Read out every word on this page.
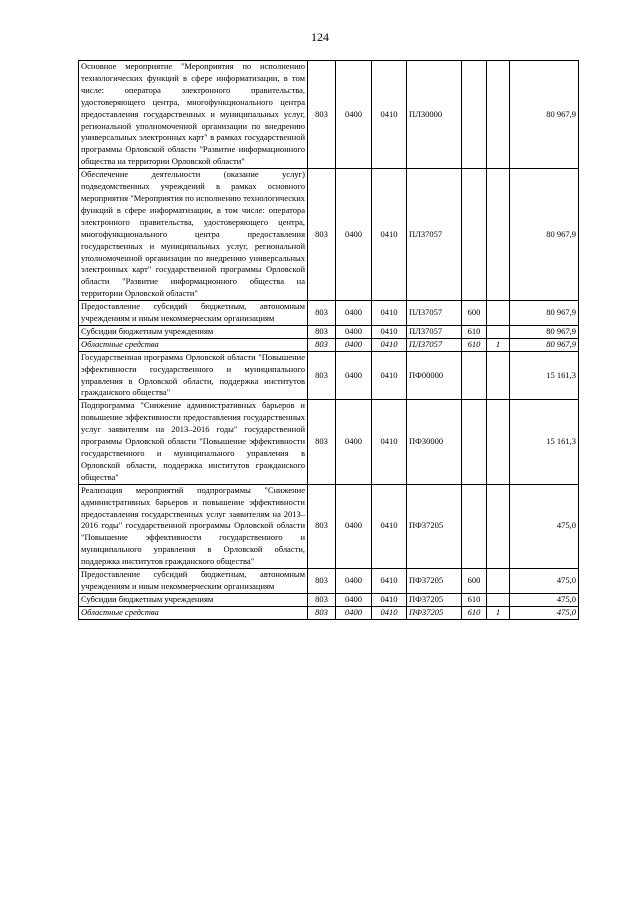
124
Основное мероприятие "Мероприятия по исполнению технологических функций в сфере информатизации, в том числе: оператора электронного правительства, удостоверяющего центра, многофункционального центра предоставления государственных и муниципальных услуг, региональной уполномоченной организации по внедрению универсальных электронных карт" в рамках государственной программы Орловской области "Развитие информационного общества на территории Орловской области"	803	0400	0410	ПЛ30000			80 967,9
Обеспечение деятельности (оказание услуг) подведомственных учреждений в рамках основного мероприятия "Мероприятия по исполнению технологических функций в сфере информатизации, в том числе: оператора электронного правительства, удостоверяющего центра, многофункционального центра предоставления государственных и муниципальных услуг, региональной уполномоченной организации по внедрению универсальных электронных карт" государственной программы Орловской области "Развитие информационного общества на территории Орловской области"	803	0400	0410	ПЛ37057			80 967,9
Предоставление субсидий бюджетным, автономным учреждениям и иным некоммерческим организациям	803	0400	0410	ПЛ37057	600		80 967,9
Субсидии бюджетным учреждениям	803	0400	0410	ПЛ37057	610		80 967,9
Областные средства	803	0400	0410	ПЛ37057	610	1	80 967,9
Государственная программа Орловской области "Повышение эффективности государственного и муниципального управления в Орловской области, поддержка институтов гражданского общества"	803	0400	0410	ПФ00000			15 161,3
Подпрограмма "Снижение административных барьеров и повышение эффективности предоставления государственных услуг заявителям на 2013–2016 годы" государственной программы Орловской области "Повышение эффективности государственного и муниципального управления в Орловской области, поддержка институтов гражданского общества"	803	0400	0410	ПФ30000			15 161,3
Реализация мероприятий подпрограммы "Снижение административных барьеров и повышение эффективности предоставления государственных услуг заявителям на 2013–2016 годы" государственной программы Орловской области "Повышение эффективности государственного и муниципального управления в Орловской области, поддержка институтов гражданского общества"	803	0400	0410	ПФ37205			475,0
Предоставление субсидий бюджетным, автономным учреждениям и иным некоммерческим организациям	803	0400	0410	ПФ37205	600		475,0
Субсидии бюджетным учреждениям	803	0400	0410	ПФ37205	610		475,0
Областные средства	803	0400	0410	ПФ37205	610	1	475,0
